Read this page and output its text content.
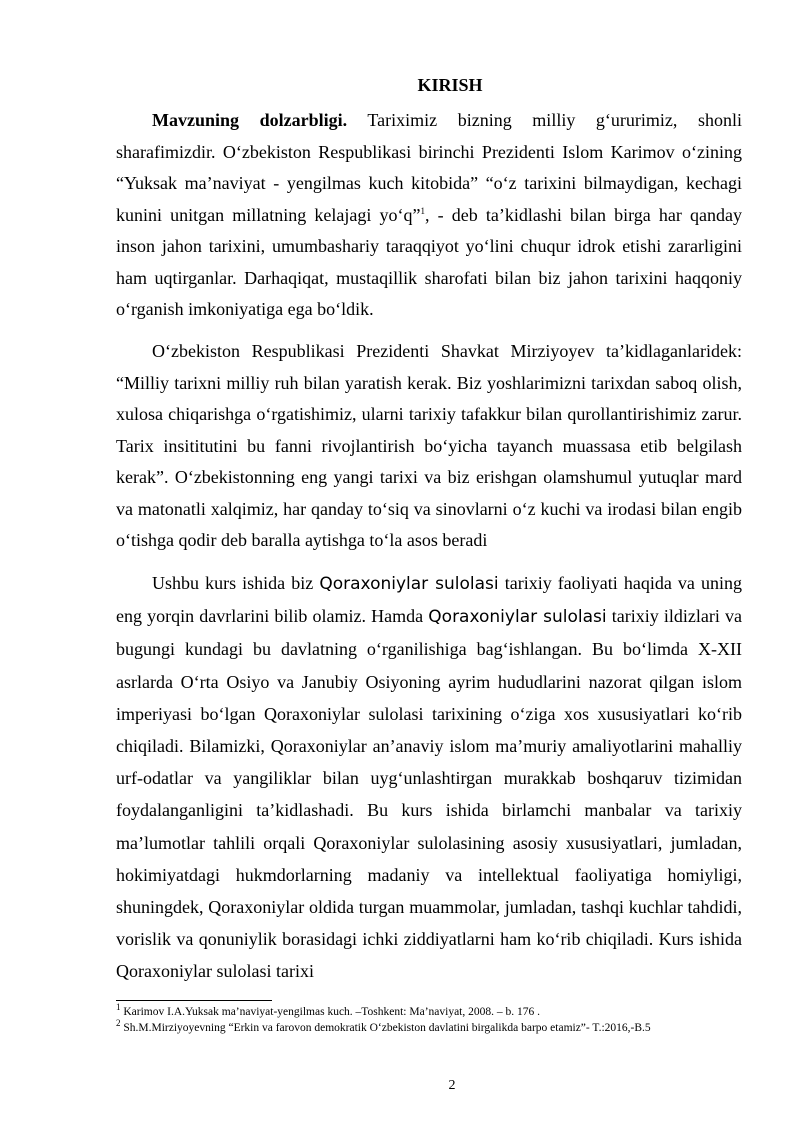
KIRISH

Mavzuning dolzarbligi. Tariximiz bizning milliy g‘ururimiz, shonli sharafimizdir. O‘zbekiston Respublikasi birinchi Prezidenti Islom Karimov o‘zining “Yuksak ma’naviyat - yengilmas kuch kitobida” “o‘z tarixini bilmaydigan, kechagi kunini unitgan millatning kelajagi yo‘q”$^1$, - deb ta’kidlashi bilan birga har qanday inson jahon tarixini, umumbashariy taraqqiyot yo‘lini chuqur idrok etishi zararligini ham uqtirganlar. Darhaqiqat, mustaqillik sharofati bilan biz jahon tarixini haqqoniy o‘rganish imkoniyatiga ega bo‘ldik.

O‘zbekiston Respublikasi Prezidenti Shavkat Mirziyoyev ta’kidlaganlaridek: “Milliy tarixni milliy ruh bilan yaratish kerak. Biz yoshlarimizni tarixdan saboq olish, xulosa chiqarishga o‘rgatishimiz, ularni tarixiy tafakkur bilan qurollantirishimiz zarur. Tarix insititutini bu fanni rivojlantirish bo‘yicha tayanch muassasa etib belgilash kerak”. O‘zbekistonning eng yangi tarixi va biz erishgan olamshumul yutuqlar mard va matonatli xalqimiz, har qanday to‘siq va sinovlarni o‘z kuchi va irodasi bilan engib o‘tishga qodir deb baralla aytishga to‘la asos beradi

Ushbu kurs ishida biz Qoraxoniylar sulolasi tarixiy faoliyati haqida va uning eng yorqin davrlarini bilib olamiz. Hamda Qoraxoniylar sulolasi tarixiy ildizlari va bugungi kundagi bu davlatning o‘rganilishiga bag‘ishlangan. Bu bo‘limda X-XII asrlarda O‘rta Osiyo va Janubiy Osiyoning ayrim hududlarini nazorat qilgan islom imperiyasi bo‘lgan Qoraxoniylar sulolasi tarixining o‘ziga xos xususiyatlari ko‘rib chiqiladi. Bilamizki, Qoraxoniylar an’anaviy islom ma’muriy amaliyotlarini mahalliy urf-odatlar va yangiliklar bilan uyg‘unlashtirgan murakkab boshqaruv tizimidan foydalanganligini ta’kidlashadi. Bu kurs ishida birlamchi manbalar va tarixiy ma’lumotlar tahlili orqali Qoraxoniylar sulolasining asosiy xususiyatlari, jumladan, hokimiyatdagi hukmdorlarning madaniy va intellektual faoliyatiga homiyligi, shuningdek, Qoraxoniylar oldida turgan muammolar, jumladan, tashqi kuchlar tahdidi, vorislik va qonuniylik borasidagi ichki ziddiyatlarni ham ko‘rib chiqiladi. Kurs ishida Qoraxoniylar sulolasi tarixi

$^1$ Karimov I.A.Yuksak ma’naviyat-yengilmas kuch. –Toshkent: Ma’naviyat, 2008. – b. 176 .

$^2$ Sh.M.Mirziyoyevning “Erkin va farovon demokratik O‘zbekiston davlatini birgalikda barpo etamiz”- T.:2016,-B.5

2
